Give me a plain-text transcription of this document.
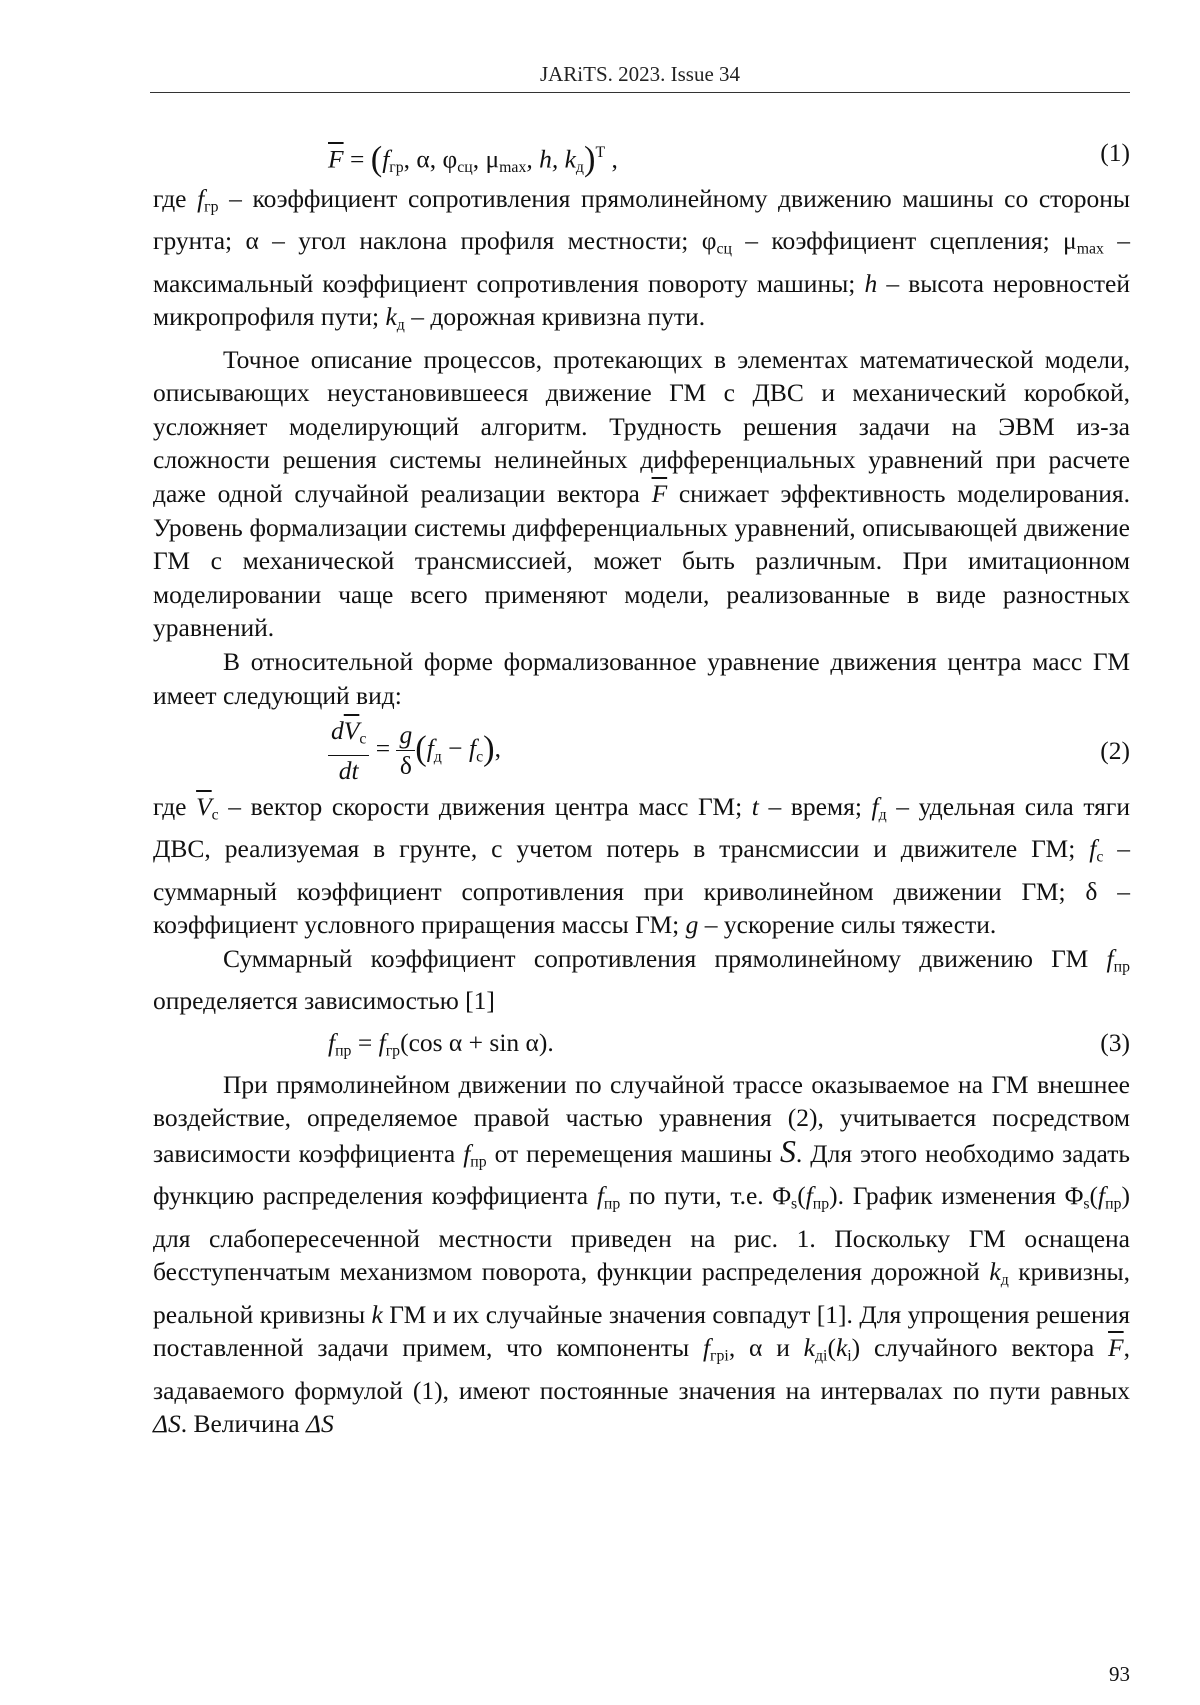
JARiTS. 2023. Issue 34
$\overline{F} = (f_{гр}$, α, $\varphi_{сц}$, $\mu_{max}$, h, $k_д)^T$ ,	(1)

где $f_{гр}$ – коэффициент сопротивления прямолинейному движению машины со стороны грунта; α – угол наклона профиля местности; $\varphi_{сц}$ – коэффициент сцепления; $\mu_{max}$ – максимальный коэффициент сопротивления повороту машины; h – высота неровностей микропрофиля пути; $k_д$ – дорожная кривизна пути.

Точное описание процессов, протекающих в элементах математической модели, описывающих неустановившееся движение ГМ с ДВС и механический коробкой, усложняет моделирующий алгоритм. Трудность решения задачи на ЭВМ из-за сложности решения системы нелинейных дифференциальных уравнений при расчете даже одной случайной реализации вектора $\overline{F}$ снижает эффективность моделирования. Уровень формализации системы дифференциальных уравнений, описывающей движение ГМ с механической трансмиссией, может быть различным. При имитационном моделировании чаще всего применяют модели, реализованные в виде разностных уравнений.

В относительной форме формализованное уравнение движения центра масс ГМ имеет следующий вид:

$\frac{d\overline{V}_c}{dt} = \frac{g}{\delta} (f_д - f_с)$,	(2)

где $\overline{V}_с$ – вектор скорости движения центра масс ГМ; t – время; $f_д$ – удельная сила тяги ДВС, реализуемая в грунте, с учетом потерь в трансмиссии и движителе ГМ; $f_с$ – суммарный коэффициент сопротивления при криволинейном движении ГМ; δ – коэффициент условного приращения массы ГМ; g – ускорение силы тяжести.

Суммарный коэффициент сопротивления прямолинейному движению ГМ $f_{пр}$ определяется зависимостью [1]

$f_{пр} = f_{гр}(\cos$ α + sin α).	(3)

При прямолинейном движении по случайной трассе оказываемое на ГМ внешнее воздействие, определяемое правой частью уравнения (2), учитывается посредством зависимости коэффициента $f_{пр}$ от перемещения машины S. Для этого необходимо задать функцию распределения коэффициента $f_{пр}$ по пути, т.е. $\Phi_s(f_{пр})$. График изменения $\Phi_s(f_{пр})$ для слабопересеченной местности приведен на рис. 1. Поскольку ГМ оснащена бесступенчатым механизмом поворота, функции распределения дорожной $k_д$ кривизны, реальной кривизны k ГМ и их случайные значения совпадут [1]. Для упрощения решения поставленной задачи примем, что компоненты $f_{грi}$, α и $k_{дi}(k_i)$ случайного вектора $\overline{F}$, задаваемого формулой (1), имеют постоянные значения на интервалах по пути равных ΔS. Величина ΔS

93
